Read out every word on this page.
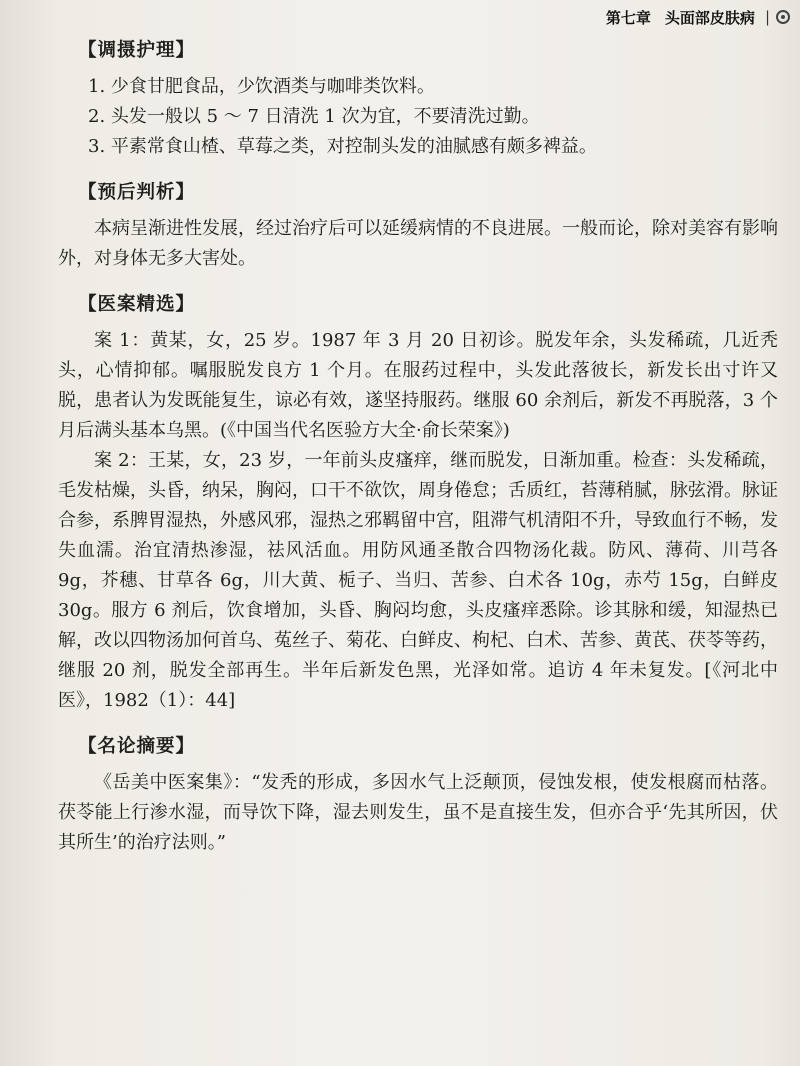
第七章 头面部皮肤病 |
【调摄护理】
1. 少食甘肥食品，少饮酒类与咖啡类饮料。
2. 头发一般以 5 ～ 7 日清洗 1 次为宜，不要清洗过勤。
3. 平素常食山楂、草莓之类，对控制头发的油腻感有颇多裨益。
【预后判析】

本病呈渐进性发展，经过治疗后可以延缓病情的不良进展。一般而论，除对美容有影响外，对身体无多大害处。

【医案精选】

案 1：黄某，女，25 岁。1987 年 3 月 20 日初诊。脱发年余，头发稀疏，几近秃头，心情抑郁。嘱服脱发良方 1 个月。在服药过程中，头发此落彼长，新发长出寸许又脱，患者认为发既能复生，谅必有效，遂坚持服药。继服 60 余剂后，新发不再脱落，3 个月后满头基本乌黑。(《中国当代名医验方大全·俞长荣案》)

案 2：王某，女，23 岁，一年前头皮瘙痒，继而脱发，日渐加重。检查：头发稀疏，毛发枯燥，头昏，纳呆，胸闷，口干不欲饮，周身倦怠；舌质红，苔薄稍腻，脉弦滑。脉证合参，系脾胃湿热，外感风邪，湿热之邪羁留中宫，阻滞气机清阳不升，导致血行不畅，发失血濡。治宜清热渗湿，祛风活血。用防风通圣散合四物汤化裁。防风、薄荷、川芎各 9g，芥穗、甘草各 6g，川大黄、栀子、当归、苦参、白术各 10g，赤芍 15g，白鲜皮 30g。服方 6 剂后，饮食增加，头昏、胸闷均愈，头皮瘙痒悉除。诊其脉和缓，知湿热已解，改以四物汤加何首乌、菟丝子、菊花、白鲜皮、枸杞、白术、苦参、黄芪、茯苓等药，继服 20 剂，脱发全部再生。半年后新发色黑，光泽如常。追访 4 年未复发。[《河北中医》，1982（1）：44]

【名论摘要】

《岳美中医案集》：“发秃的形成，多因水气上泛颠顶，侵蚀发根，使发根腐而枯落。茯苓能上行渗水湿，而导饮下降，湿去则发生，虽不是直接生发，但亦合乎‘先其所因，伏其所生’的治疗法则。”
